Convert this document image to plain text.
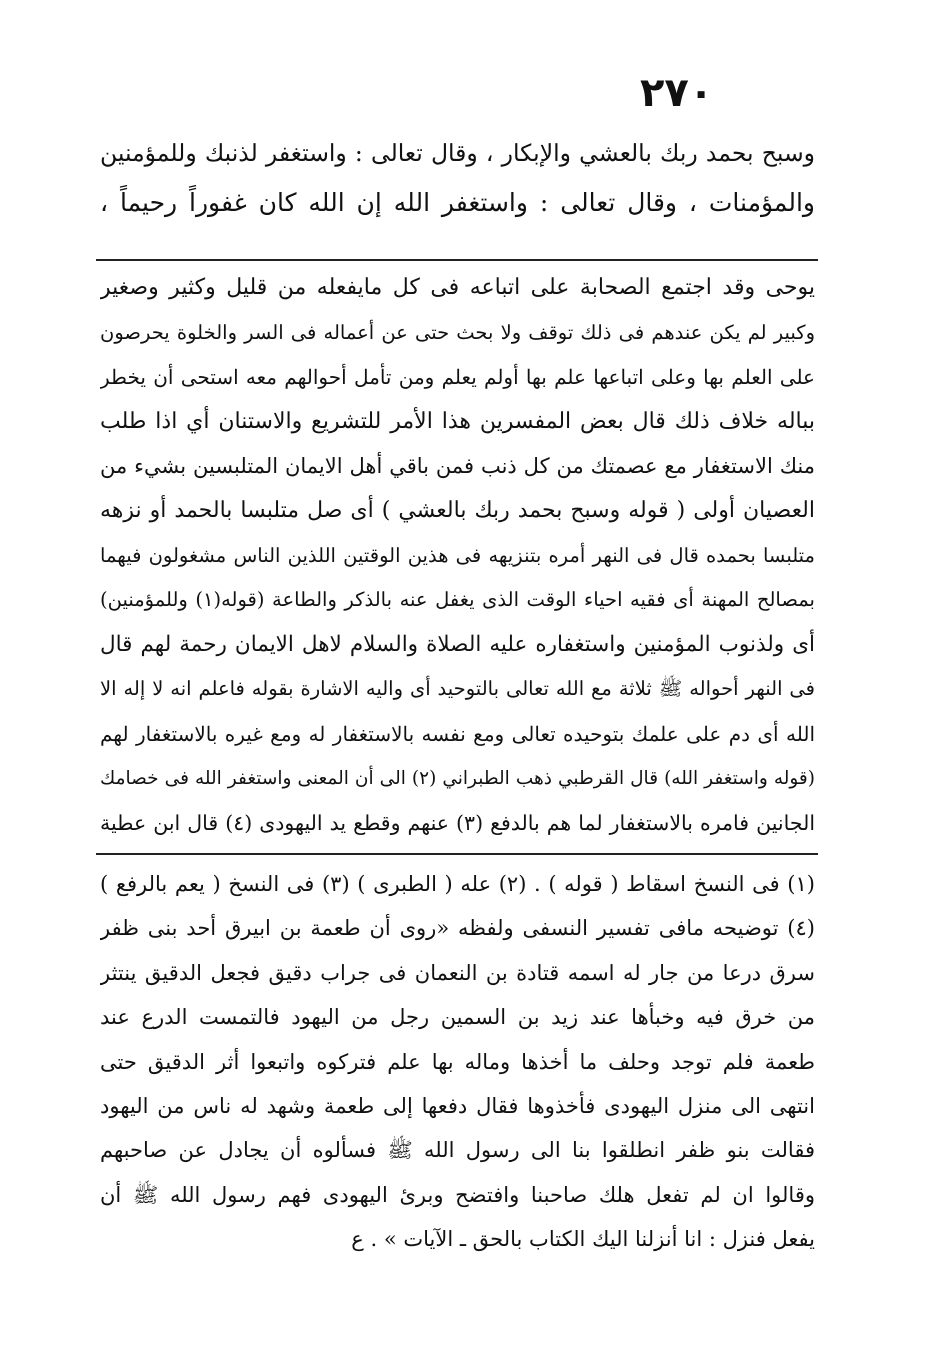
٢٧٠
وسبح بحمد ربك بالعشي والإبكار ، وقال تعالى : واستغفر لذنبك وللمؤمنين
والمؤمنات ، وقال تعالى : واستغفر الله إن الله كان غفوراً رحيماً ،
يوحى وقد اجتمع الصحابة على اتباعه فى كل مايفعله من قليل وكثير وصغير
وكبير لم يكن عندهم فى ذلك توقف ولا بحث حتى عن أعماله فى السر والخلوة يحرصون
على العلم بها وعلى اتباعها علم بها أولم يعلم ومن تأمل أحوالهم معه استحى أن يخطر
بباله خلاف ذلك قال بعض المفسرين هذا الأمر للتشريع والاستنان أي اذا طلب
منك الاستغفار مع عصمتك من كل ذنب فمن باقي أهل الايمان المتلبسين بشيء من
العصيان أولى ( قوله وسبح بحمد ربك بالعشي ) أى صل متلبسا بالحمد أو نزهه
متلبسا بحمده قال فى النهر أمره بتنزيهه فى هذين الوقتين اللذين الناس مشغولون فيهما
بمصالح المهنة أى فقيه احياء الوقت الذى يغفل عنه بالذكر والطاعة (قوله(١) وللمؤمنين)
أى ولذنوب المؤمنين واستغفاره عليه الصلاة والسلام لاهل الايمان رحمة لهم قال
فى النهر أحواله ﷺ ثلاثة مع الله تعالى بالتوحيد أى واليه الاشارة بقوله فاعلم انه لا إله الا
الله أى دم على علمك بتوحيده تعالى ومع نفسه بالاستغفار له ومع غيره بالاستغفار لهم
(قوله واستغفر الله) قال القرطبي ذهب الطبراني (٢) الى أن المعنى واستغفر الله فى خصامك
الجانين فامره بالاستغفار لما هم بالدفع (٣) عنهم وقطع يد اليهودى (٤) قال ابن عطية
(١) فى النسخ اسقاط ( قوله ) . (٢) عله ( الطبرى ) (٣) فى النسخ ( يعم بالرفع )
(٤) توضيحه مافى تفسير النسفى ولفظه «روى أن طعمة بن ابيرق أحد بنى ظفر
سرق درعا من جار له اسمه قتادة بن النعمان فى جراب دقيق فجعل الدقيق ينتثر
من خرق فيه وخبأها عند زيد بن السمين رجل من اليهود فالتمست الدرع عند
طعمة فلم توجد وحلف ما أخذها وماله بها علم فتركوه واتبعوا أثر الدقيق حتى
انتهى الى منزل اليهودى فأخذوها فقال دفعها إلى طعمة وشهد له ناس من اليهود
فقالت بنو ظفر انطلقوا بنا الى رسول الله ﷺ فسألوه أن يجادل عن صاحبهم
وقالوا ان لم تفعل هلك صاحبنا وافتضح وبرئ اليهودى فهم رسول الله ﷺ أن
يفعل فنزل : انا أنزلنا اليك الكتاب بالحق ـ الآيات » . ع
